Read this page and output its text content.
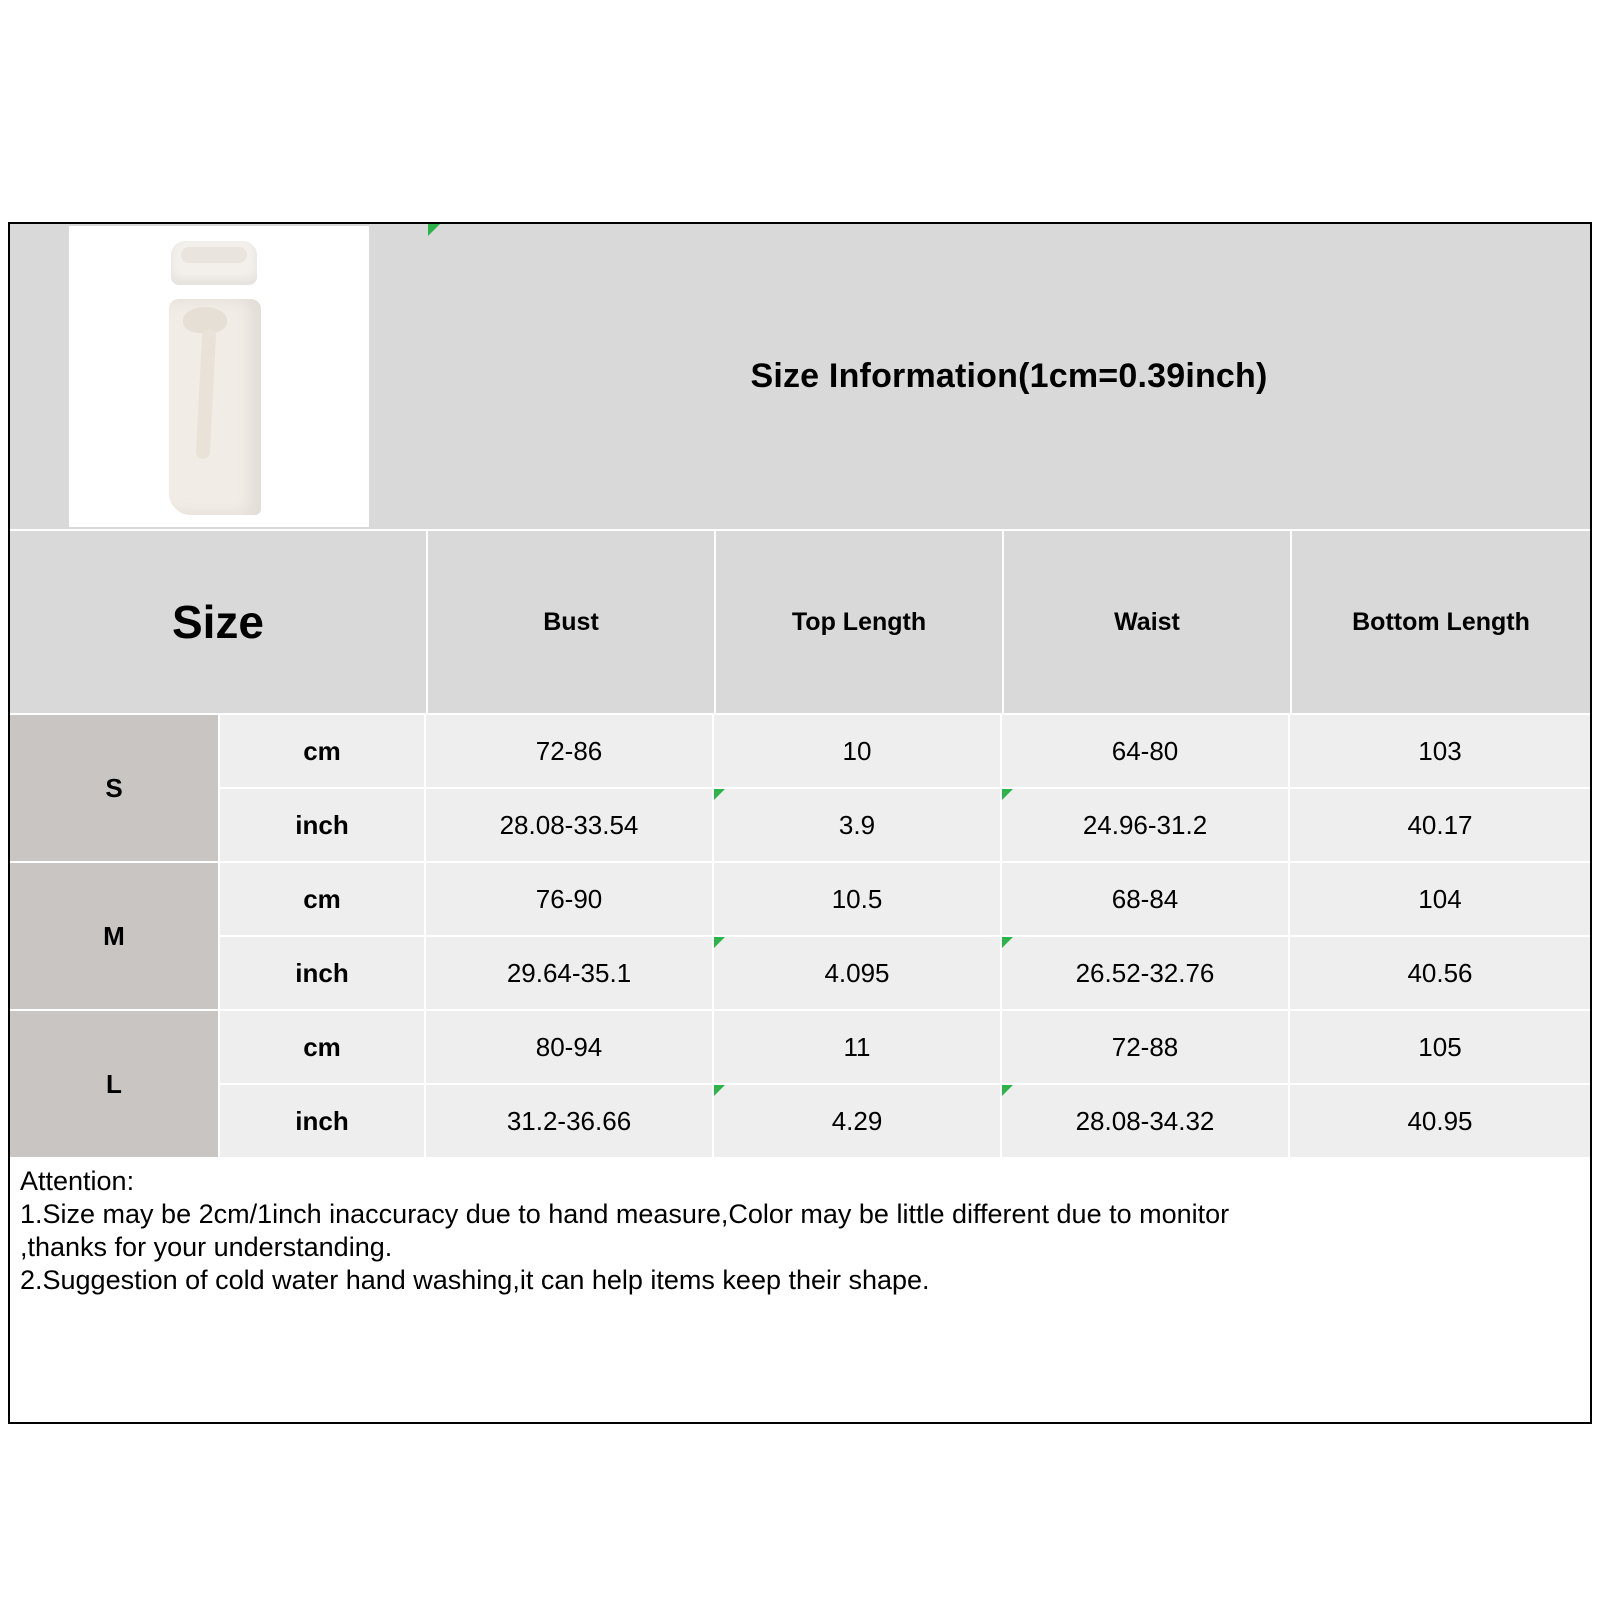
Size Information(1cm=0.39inch)
Size	Bust	Top Length	Waist	Bottom Length
S
cm	72-86	10	64-80	103
inch	28.08-33.54	3.9	24.96-31.2	40.17
M
cm	76-90	10.5	68-84	104
inch	29.64-35.1	4.095	26.52-32.76	40.56
L
cm	80-94	11	72-88	105
inch	31.2-36.66	4.29	28.08-34.32	40.95
Attention:
1.Size may be 2cm/1inch inaccuracy due to hand measure,Color may be little different due to monitor
,thanks for your understanding.
2.Suggestion of cold water hand washing,it can help items keep their shape.
